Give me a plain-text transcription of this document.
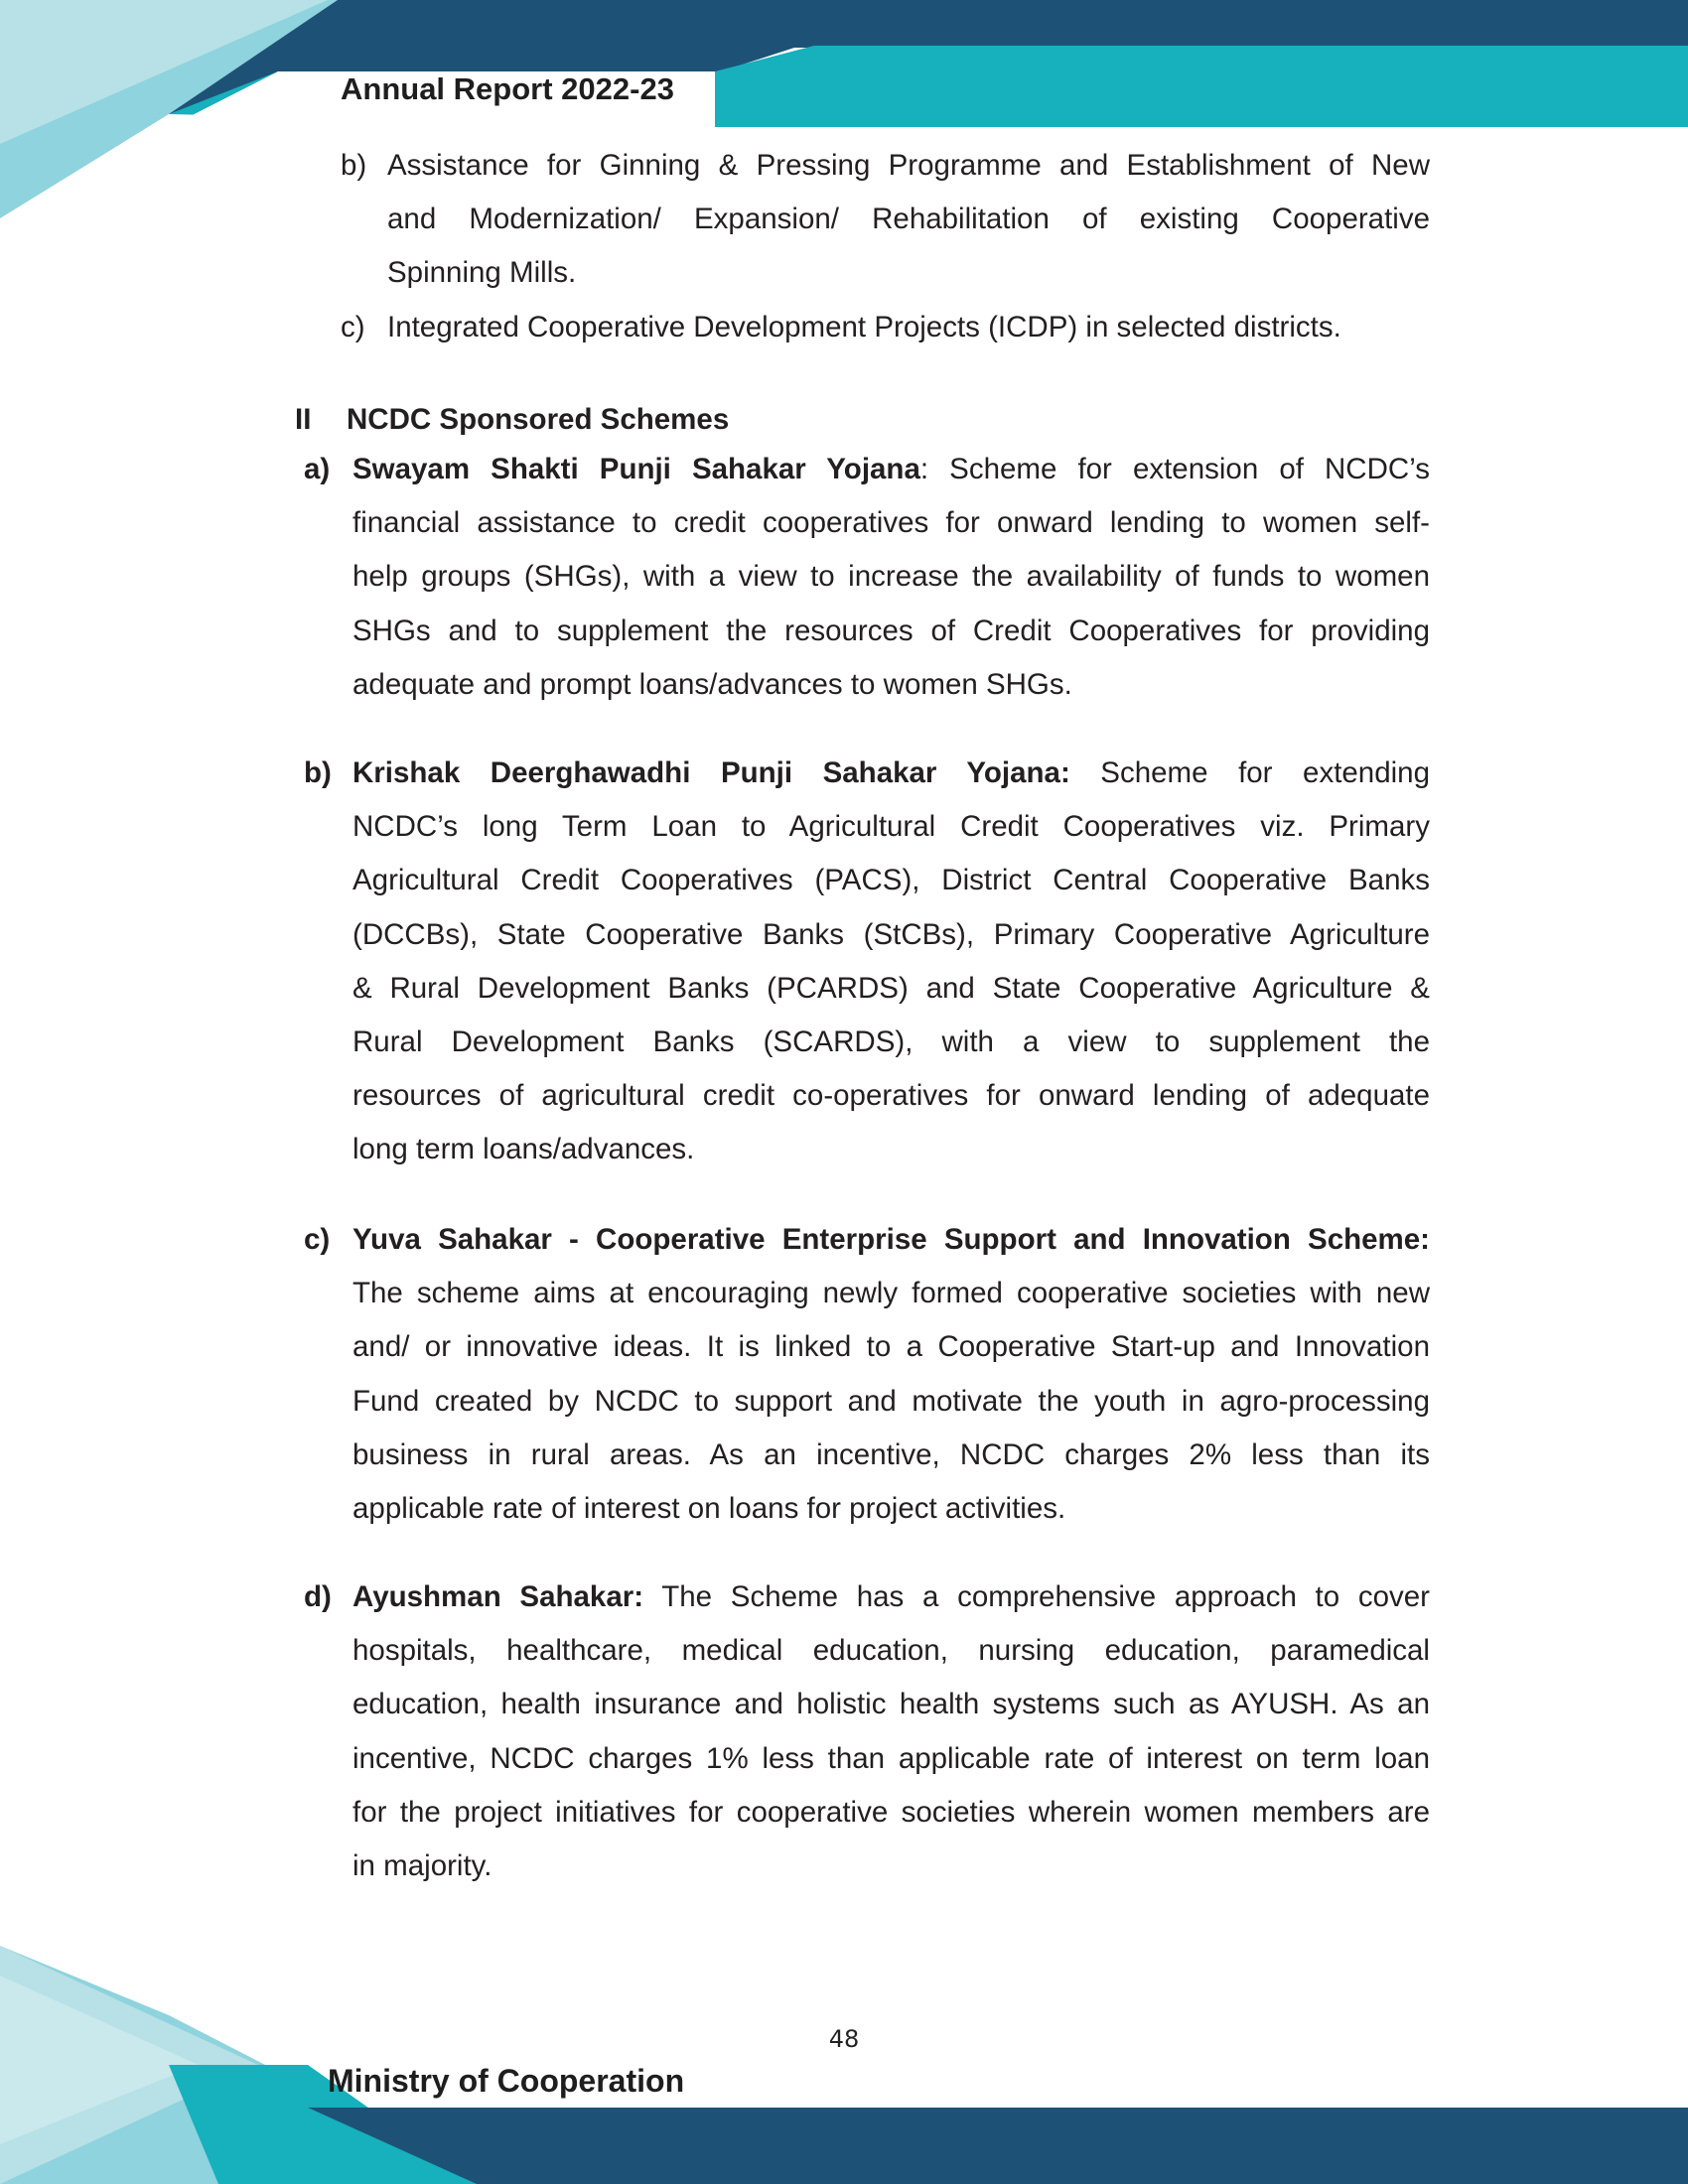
Annual Report 2022-23
b) Assistance for Ginning & Pressing Programme and Establishment of New
and Modernization/ Expansion/ Rehabilitation of existing Cooperative
Spinning Mills.
c) Integrated Cooperative Development Projects (ICDP) in selected districts.
II NCDC Sponsored Schemes
a) Swayam Shakti Punji Sahakar Yojana: Scheme for extension of NCDC’s
financial assistance to credit cooperatives for onward lending to women self-
help groups (SHGs), with a view to increase the availability of funds to women
SHGs and to supplement the resources of Credit Cooperatives for providing
adequate and prompt loans/advances to women SHGs.
b) Krishak Deerghawadhi Punji Sahakar Yojana: Scheme for extending
NCDC’s long Term Loan to Agricultural Credit Cooperatives viz. Primary
Agricultural Credit Cooperatives (PACS), District Central Cooperative Banks
(DCCBs), State Cooperative Banks (StCBs), Primary Cooperative Agriculture
& Rural Development Banks (PCARDS) and State Cooperative Agriculture &
Rural Development Banks (SCARDS), with a view to supplement the
resources of agricultural credit co-operatives for onward lending of adequate
long term loans/advances.
c) Yuva Sahakar - Cooperative Enterprise Support and Innovation Scheme:
The scheme aims at encouraging newly formed cooperative societies with new
and/ or innovative ideas. It is linked to a Cooperative Start-up and Innovation
Fund created by NCDC to support and motivate the youth in agro-processing
business in rural areas. As an incentive, NCDC charges 2% less than its
applicable rate of interest on loans for project activities.
d) Ayushman Sahakar: The Scheme has a comprehensive approach to cover
hospitals, healthcare, medical education, nursing education, paramedical
education, health insurance and holistic health systems such as AYUSH. As an
incentive, NCDC charges 1% less than applicable rate of interest on term loan
for the project initiatives for cooperative societies wherein women members are
in majority.
48
Ministry of Cooperation
